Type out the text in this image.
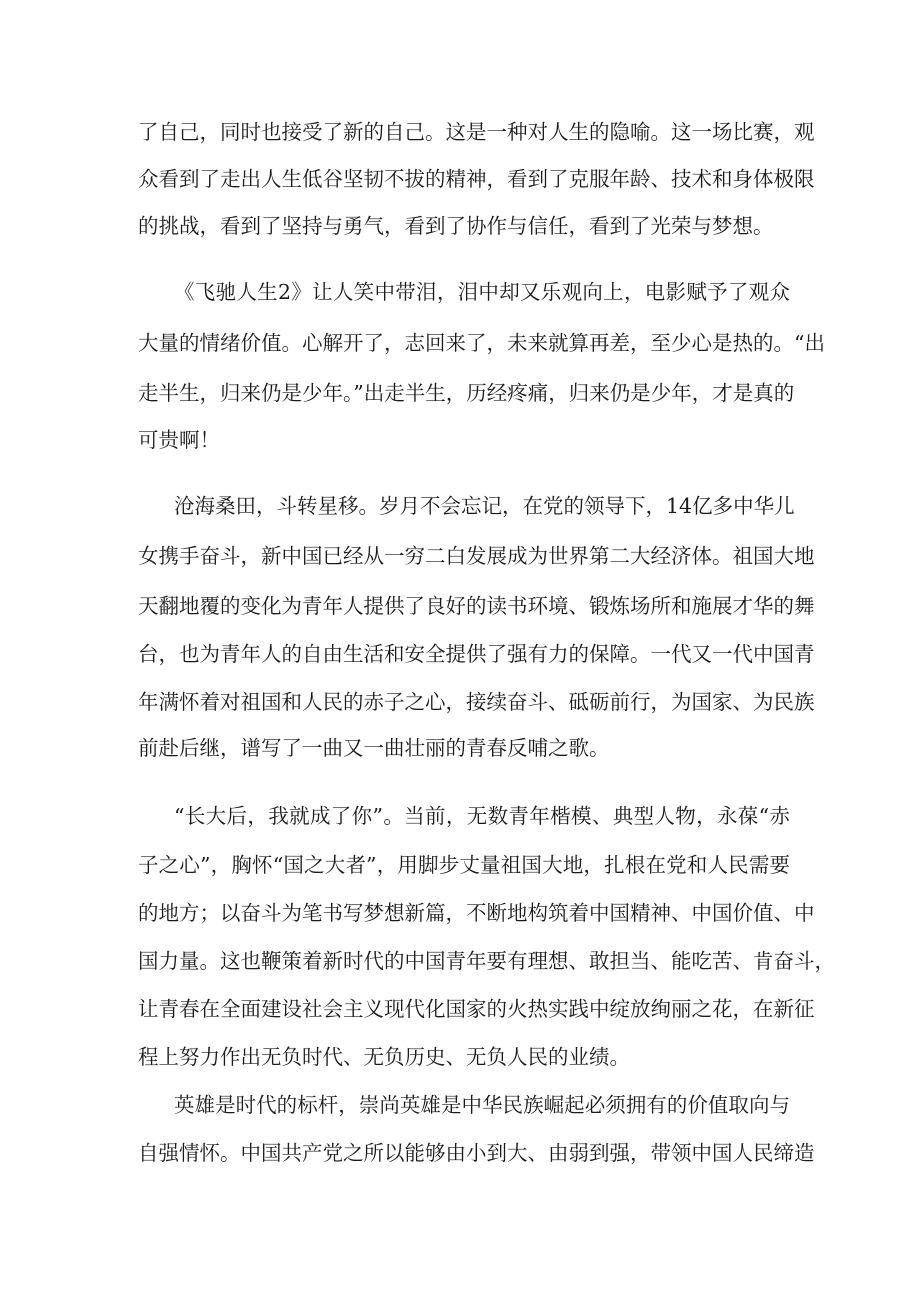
了自己，同时也接受了新的自己。这是一种对人生的隐喻。这一场比赛，观
众看到了走出人生低谷坚韧不拔的精神，看到了克服年龄、技术和身体极限
的挑战，看到了坚持与勇气，看到了协作与信任，看到了光荣与梦想。
《飞驰人生2》让人笑中带泪，泪中却又乐观向上，电影赋予了观众
大量的情绪价值。心解开了，志回来了，未来就算再差，至少心是热的。“出
走半生，归来仍是少年。”出走半生，历经疼痛，归来仍是少年，才是真的
可贵啊！
沧海桑田，斗转星移。岁月不会忘记，在党的领导下，14亿多中华儿
女携手奋斗，新中国已经从一穷二白发展成为世界第二大经济体。祖国大地
天翻地覆的变化为青年人提供了良好的读书环境、锻炼场所和施展才华的舞
台，也为青年人的自由生活和安全提供了强有力的保障。一代又一代中国青
年满怀着对祖国和人民的赤子之心，接续奋斗、砥砺前行，为国家、为民族
前赴后继，谱写了一曲又一曲壮丽的青春反哺之歌。
“长大后，我就成了你”。当前，无数青年楷模、典型人物，永葆“赤
子之心”，胸怀“国之大者”，用脚步丈量祖国大地，扎根在党和人民需要
的地方；以奋斗为笔书写梦想新篇，不断地构筑着中国精神、中国价值、中
国力量。这也鞭策着新时代的中国青年要有理想、敢担当、能吃苦、肯奋斗，
让青春在全面建设社会主义现代化国家的火热实践中绽放绚丽之花，在新征
程上努力作出无负时代、无负历史、无负人民的业绩。
英雄是时代的标杆，崇尚英雄是中华民族崛起必须拥有的价值取向与
自强情怀。中国共产党之所以能够由小到大、由弱到强，带领中国人民缔造
